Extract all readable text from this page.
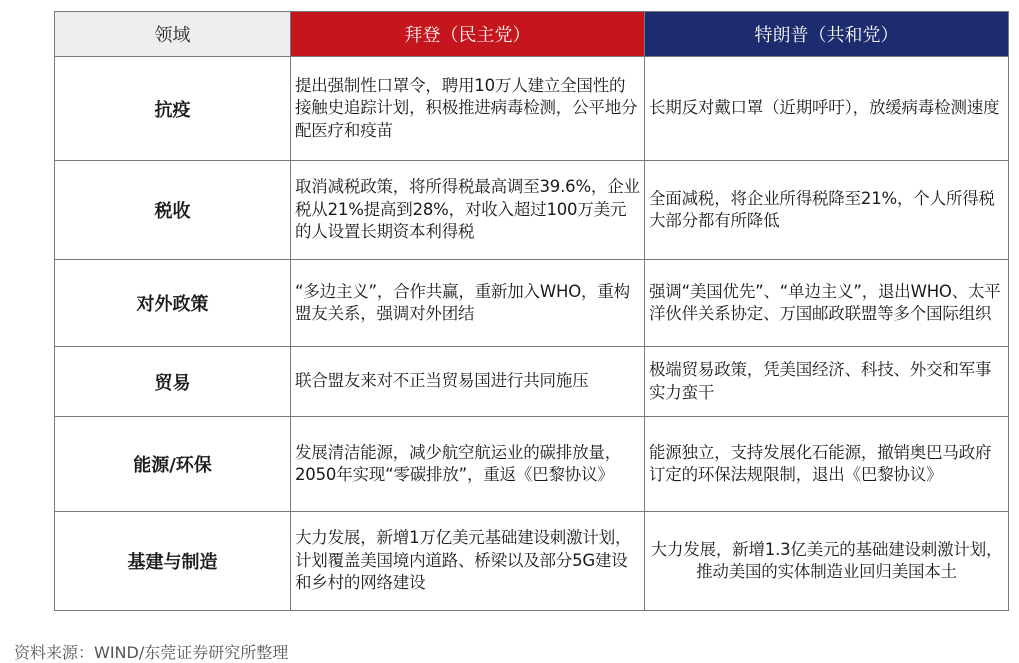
领域	拜登（民主党）	特朗普（共和党）
抗疫	提出强制性口罩令，聘用10万人建立全国性的接触史追踪计划，积极推进病毒检测，公平地分配医疗和疫苗	长期反对戴口罩（近期呼吁），放缓病毒检测速度
税收	取消减税政策，将所得税最高调至39.6%，企业税从21%提高到28%，对收入超过100万美元的人设置长期资本利得税	全面减税，将企业所得税降至21%，个人所得税大部分都有所降低
对外政策	“多边主义”，合作共赢，重新加入WHO，重构盟友关系，强调对外团结	强调“美国优先”、“单边主义”，退出WHO、太平洋伙伴关系协定、万国邮政联盟等多个国际组织
贸易	联合盟友来对不正当贸易国进行共同施压	极端贸易政策，凭美国经济、科技、外交和军事实力蛮干
能源/环保	发展清洁能源，减少航空航运业的碳排放量，2050年实现“零碳排放”，重返《巴黎协议》	能源独立，支持发展化石能源，撤销奥巴马政府订定的环保法规限制，退出《巴黎协议》
基建与制造	大力发展，新增1万亿美元基础建设刺激计划，计划覆盖美国境内道路、桥梁以及部分5G建设和乡村的网络建设	大力发展，新增1.3亿美元的基础建设刺激计划，推动美国的实体制造业回归美国本土
资料来源：WIND/东莞证券研究所整理
